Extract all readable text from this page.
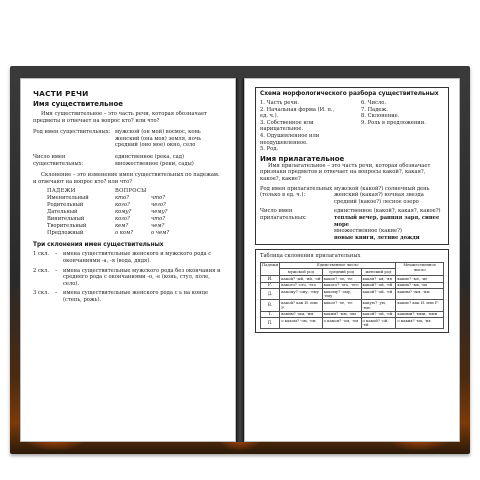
ЧАСТИ РЕЧИ
Имя существительное
Имя существительное – это часть речи, которая обозначает предметы и отвечает на вопрос кто? или что?
Род имен существительных: мужской (он мой) восмос, конь
женский (она моя) земля, ночь
средний (оно мое) окно, село
Число имен существительных:
единственное (река, сад)
множественное (реки, сады)
Склонение – это изменение имен существительных по падежам. и отвечают на вопрос кто? или что?
ПАДЕЖИ	ВОПРОСЫ
Именительный	кто?	что?
Родительный	кого?	чего?
Дательный	кому?	чему?
Винительный	кого?	что?
Творительный	кем?	чем?
Предложный	о ком?	о чем?
Три склонения имен существительных
1 скл.	–	имена существительные женского и мужского рода с окончаниями -а, -я (вода, дядя).
2 скл.	–	имена существительные мужского рода без окончания и среднего рода с окончаниями -о, -е (конь, стул, поле, село).
3 скл.	–	имена существительные женского рода с ь на конце (степь, рожь).
Схема морфологического разбора существительных
1. Часть речи.
2. Начальная форма (И. п., ед. ч.).
3. Собственное или нарицательное.
4. Одушевленное или неодушевленное.
5. Род.
6. Число.
7. Падеж.
8. Склонение.
9. Роль в предложении.
Имя прилагательное
Имя прилагательное – это часть речи, которая обозначает признаки предметов и отвечает на вопросы какой?, какая?, какое?, какие?
Род имен прилагательных (только в ед. ч.):
мужской (какой?) солнечный день
женский (какая?) ночная звезда
средний (какое?) лесное озеро
Число имен прилагательных:
единственное (какой?, какая?, какое?)
теплый вечер, ранняя заря, синее море
множественное (какие?)
новые книги, летние дожди
Таблица склонения прилагательных
Падежи	Единственное число			Множественное число
	мужской род	средний род	женский род	
И.	какой? -ый, -ий, -ой	какое? -ое, -ее	какая? -ая, -яя	какие? -ые, -ие
Р.	какого? -ого, -его	какого? -ого, -его	какой? -ой, -ей	каких? -ых, -их
Д.	какому? -ому, -ему	какому? -ому, -ему	какой? -ой, -ей	каким? -ым, -им
В.	какой? как И. или Р.	какое? -ое, -ее	какую? -ую, -юю	какие? как И. или Р.
Т.	каким? -ым, -им	каким? -ым, -им	какой? -ой, -ей	какими? -ыми, -ими
П.	о каком? -ом, -ем	о каком? -ом, -ем	о какой? -ой, -ей	о каких? -ых, -их
